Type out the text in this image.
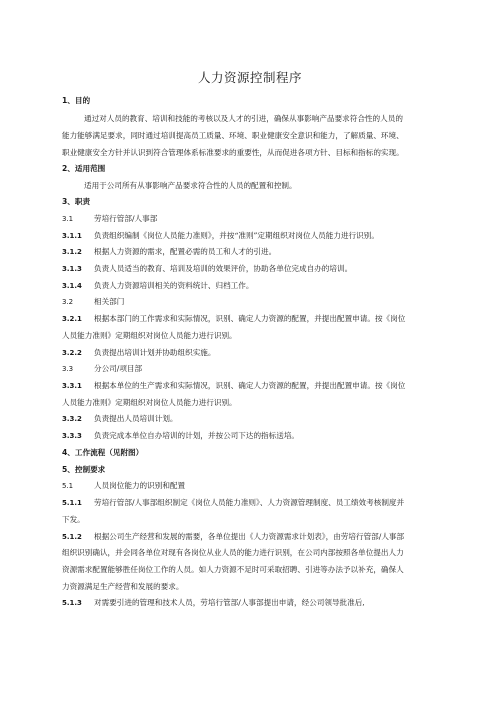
人力资源控制程序
1、目的
通过对人员的教育、培训和技能的考核以及人才的引进，确保从事影响产品要求符合性的人员的
能力能够满足要求，同时通过培训提高员工质量、环境、职业健康安全意识和能力，了解质量、环境、
职业健康安全方针并认识到符合管理体系标准要求的重要性，从而促进各项方针、目标和指标的实现。
2、适用范围
适用于公司所有从事影响产品要求符合性的人员的配置和控制。
3、职责
3.1	劳培行管部/人事部
3.1.1 负责组织编制《岗位人员能力准则》，并按“准则”定期组织对岗位人员能力进行识别。
3.1.2 根据人力资源的需求，配置必需的员工和人才的引进。
3.1.3 负责人员适当的教育、培训及培训的效果评价，协助各单位完成自办的培训。
3.1.4 负责人力资源培训相关的资料统计、归档工作。
3.2	相关部门
3.2.1 根据本部门的工作需求和实际情况，识别、确定人力资源的配置，并提出配置申请。按《岗位
人员能力准则》定期组织对岗位人员能力进行识别。
3.2.2 负责提出培训计划并协助组织实施。
3.3	分公司/项目部
3.3.1 根据本单位的生产需求和实际情况，识别、确定人力资源的配置，并提出配置申请。按《岗位
人员能力准则》定期组织对岗位人员能力进行识别。
3.3.2 负责提出人员培训计划。
3.3.3 负责完成本单位自办培训的计划，并按公司下达的指标送培。
4、工作流程（见附图）
5、控制要求
5.1	人员岗位能力的识别和配置
5.1.1 劳培行管部/人事部组织制定《岗位人员能力准则》、人力资源管理制度、员工绩效考核制度并
下发。
5.1.2 根据公司生产经营和发展的需要，各单位提出《人力资源需求计划表》，由劳培行管部/人事部
组织识别确认，并会同各单位对现有各岗位从业人员的能力进行识别，在公司内部按照各单位提出人力
资源需求配置能够胜任岗位工作的人员。如人力资源不足时可采取招聘、引进等办法予以补充，确保人
力资源满足生产经营和发展的要求。
5.1.3 对需要引进的管理和技术人员，劳培行管部/人事部提出申请，经公司领导批准后,
